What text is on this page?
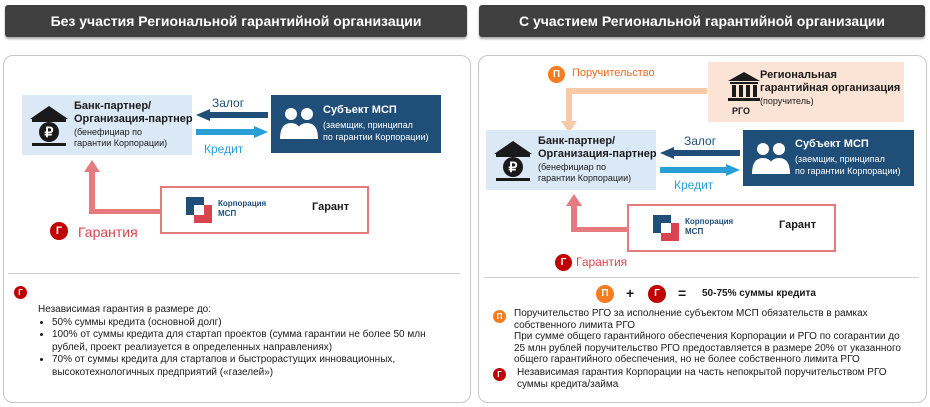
Без участия Региональной гарантийной организации
₽
Банк-партнер/
Организация-партнер
(бенефициар по
гарантии Корпорации)
Субъект МСП
(заемщик, принципал
по гарантии Корпорации)
Залог
Кредит
Корпорация
МСП
Гарант
Г	Гарантия
Г
Независимая гарантия в размере до:
• 50% суммы кредита (основной долг)
• 100% от суммы кредита для стартап проектов (сумма гарантии не более 50 млн рублей, проект реализуется в определенных направлениях)
• 70% от суммы кредита для стартапов и быстрорастущих инновационных, высокотехнологичных предприятий («газелей»)
С участием Региональной гарантийной организации
П	Поручительство
РГО
Региональная
гарантийная организация
(поручитель)
₽
Банк-партнер/
Организация-партнер
(бенефициар по
гарантии Корпорации)
Субъект МСП
(заемщик, принципал
по гарантии Корпорации)
Залог
Кредит
Корпорация
МСП
Гарант
Г Гарантия
П	+	Г	= 50-75% суммы кредита
П	Поручительство РГО за исполнение субъектом МСП обязательств в рамках
собственного лимита РГО
При сумме общего гарантийного обеспечения Корпорации и РГО по согарантии до
25 млн рублей поручительство РГО предоставляется в размере 20% от указанного
общего гарантийного обеспечения, но не более собственного лимита РГО
Г	Независимая гарантия Корпорации на часть непокрытой поручительством РГО
суммы кредита/займа
